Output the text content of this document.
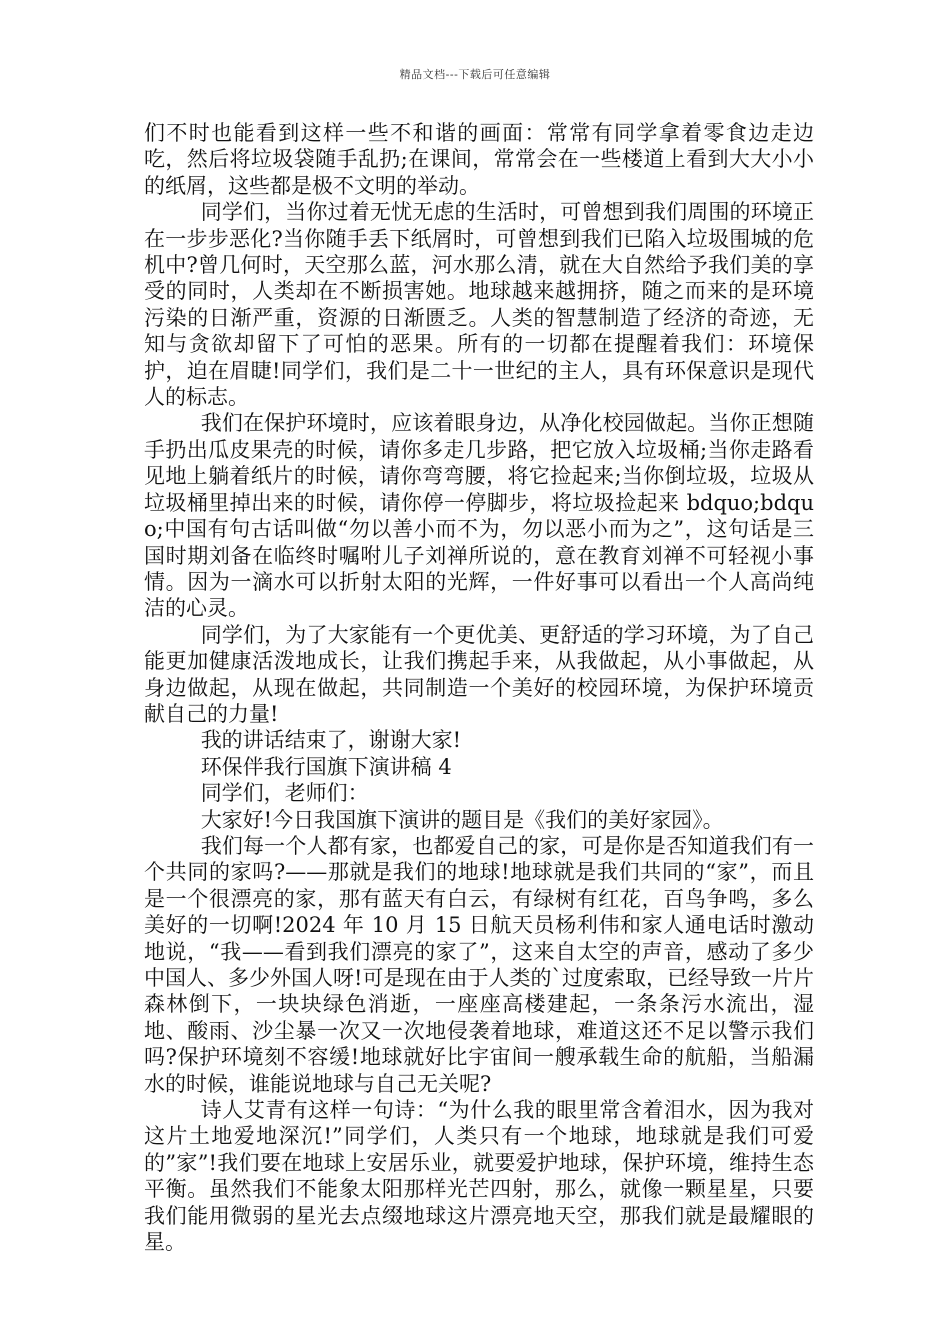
精品文档---下载后可任意编辑

们不时也能看到这样一些不和谐的画面：常常有同学拿着零食边走边吃，然后将垃圾袋随手乱扔;在课间，常常会在一些楼道上看到大大小小的纸屑，这些都是极不文明的举动。

同学们，当你过着无忧无虑的生活时，可曾想到我们周围的环境正在一步步恶化?当你随手丢下纸屑时，可曾想到我们已陷入垃圾围城的危机中?曾几何时，天空那么蓝，河水那么清，就在大自然给予我们美的享受的同时，人类却在不断损害她。地球越来越拥挤，随之而来的是环境污染的日渐严重，资源的日渐匮乏。人类的智慧制造了经济的奇迹，无知与贪欲却留下了可怕的恶果。所有的一切都在提醒着我们：环境保护，迫在眉睫!同学们，我们是二十一世纪的主人，具有环保意识是现代人的标志。

我们在保护环境时，应该着眼身边，从净化校园做起。当你正想随手扔出瓜皮果壳的时候，请你多走几步路，把它放入垃圾桶;当你走路看见地上躺着纸片的时候，请你弯弯腰，将它捡起来;当你倒垃圾，垃圾从垃圾桶里掉出来的时候，请你停一停脚步，将垃圾捡起来 bdquo;bdquo;中国有句古话叫做“勿以善小而不为，勿以恶小而为之”，这句话是三国时期刘备在临终时嘱咐儿子刘禅所说的，意在教育刘禅不可轻视小事情。因为一滴水可以折射太阳的光辉，一件好事可以看出一个人高尚纯洁的心灵。

同学们，为了大家能有一个更优美、更舒适的学习环境，为了自己能更加健康活泼地成长，让我们携起手来，从我做起，从小事做起，从身边做起，从现在做起，共同制造一个美好的校园环境，为保护环境贡献自己的力量!

我的讲话结束了，谢谢大家!

环保伴我行国旗下演讲稿 4

同学们，老师们：

大家好!今日我国旗下演讲的题目是《我们的美好家园》。

我们每一个人都有家，也都爱自己的家，可是你是否知道我们有一个共同的家吗?——那就是我们的地球!地球就是我们共同的“家”，而且是一个很漂亮的家，那有蓝天有白云，有绿树有红花，百鸟争鸣，多么美好的一切啊!2024 年 10 月 15 日航天员杨利伟和家人通电话时激动地说，“我——看到我们漂亮的家了”，这来自太空的声音，感动了多少中国人、多少外国人呀!可是现在由于人类的`过度索取，已经导致一片片森林倒下，一块块绿色消逝，一座座高楼建起，一条条污水流出，湿地、酸雨、沙尘暴一次又一次地侵袭着地球，难道这还不足以警示我们吗?保护环境刻不容缓!地球就好比宇宙间一艘承载生命的航船，当船漏水的时候，谁能说地球与自己无关呢?

诗人艾青有这样一句诗：“为什么我的眼里常含着泪水，因为我对这片土地爱地深沉!”同学们，人类只有一个地球，地球就是我们可爱的”家”!我们要在地球上安居乐业，就要爱护地球，保护环境，维持生态平衡。虽然我们不能象太阳那样光芒四射，那么，就像一颗星星，只要我们能用微弱的星光去点缀地球这片漂亮地天空，那我们就是最耀眼的星。
